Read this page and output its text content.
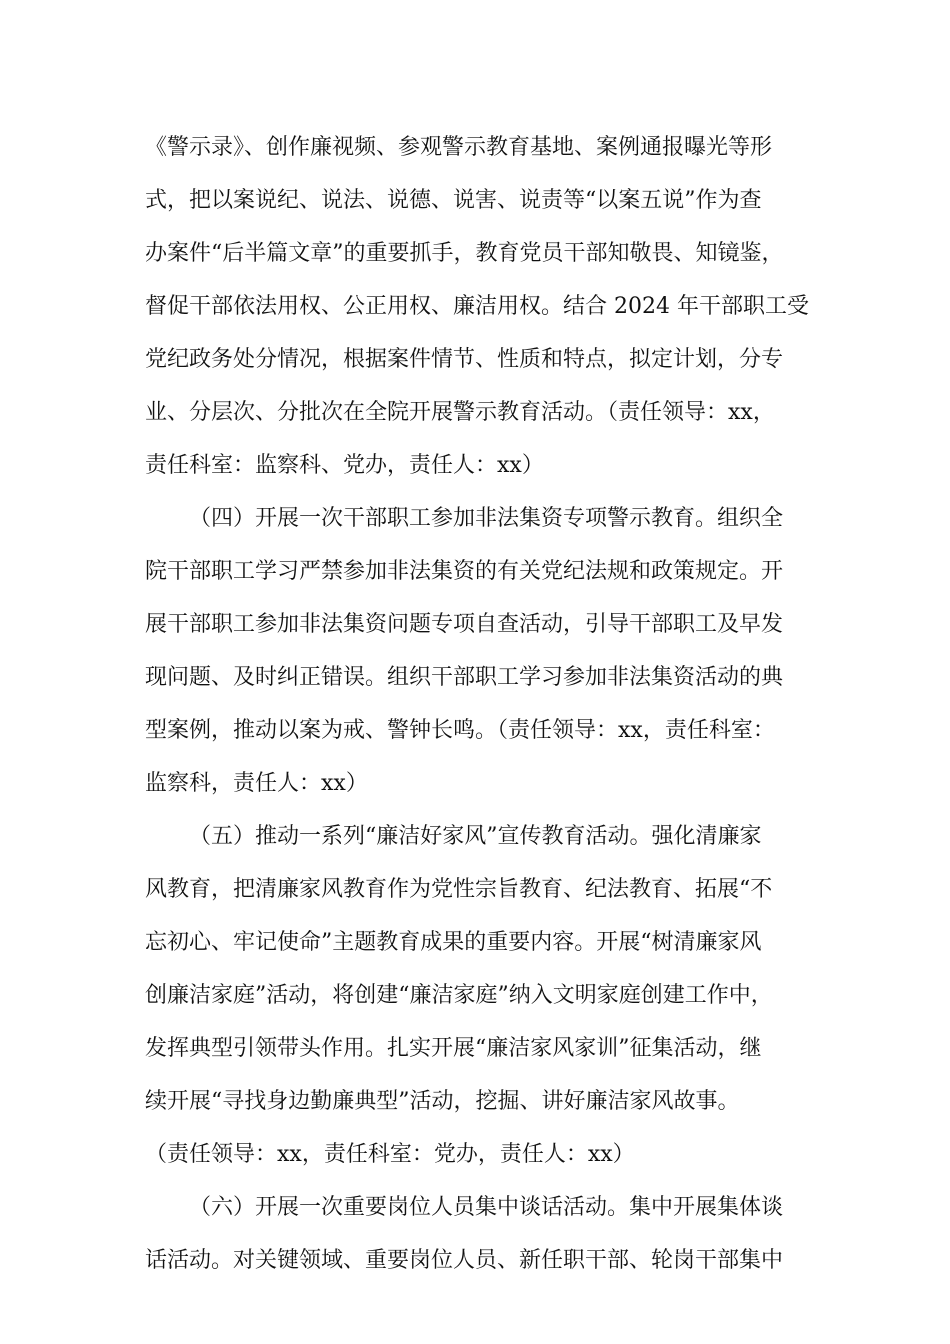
《警示录》、创作廉视频、参观警示教育基地、案例通报曝光等形
式，把以案说纪、说法、说德、说害、说责等“以案五说”作为查
办案件“后半篇文章”的重要抓手，教育党员干部知敬畏、知镜鉴，
督促干部依法用权、公正用权、廉洁用权。结合 2024 年干部职工受
党纪政务处分情况，根据案件情节、性质和特点，拟定计划，分专
业、分层次、分批次在全院开展警示教育活动。（责任领导：xx，
责任科室：监察科、党办，责任人：xx）
（四）开展一次干部职工参加非法集资专项警示教育。组织全
院干部职工学习严禁参加非法集资的有关党纪法规和政策规定。开
展干部职工参加非法集资问题专项自查活动，引导干部职工及早发
现问题、及时纠正错误。组织干部职工学习参加非法集资活动的典
型案例，推动以案为戒、警钟长鸣。（责任领导：xx，责任科室：
监察科，责任人：xx）
（五）推动一系列“廉洁好家风”宣传教育活动。强化清廉家
风教育，把清廉家风教育作为党性宗旨教育、纪法教育、拓展“不
忘初心、牢记使命”主题教育成果的重要内容。开展“树清廉家风
创廉洁家庭”活动，将创建“廉洁家庭”纳入文明家庭创建工作中，
发挥典型引领带头作用。扎实开展“廉洁家风家训”征集活动，继
续开展“寻找身边勤廉典型”活动，挖掘、讲好廉洁家风故事。
（责任领导：xx，责任科室：党办，责任人：xx）
（六）开展一次重要岗位人员集中谈话活动。集中开展集体谈
话活动。对关键领域、重要岗位人员、新任职干部、轮岗干部集中
